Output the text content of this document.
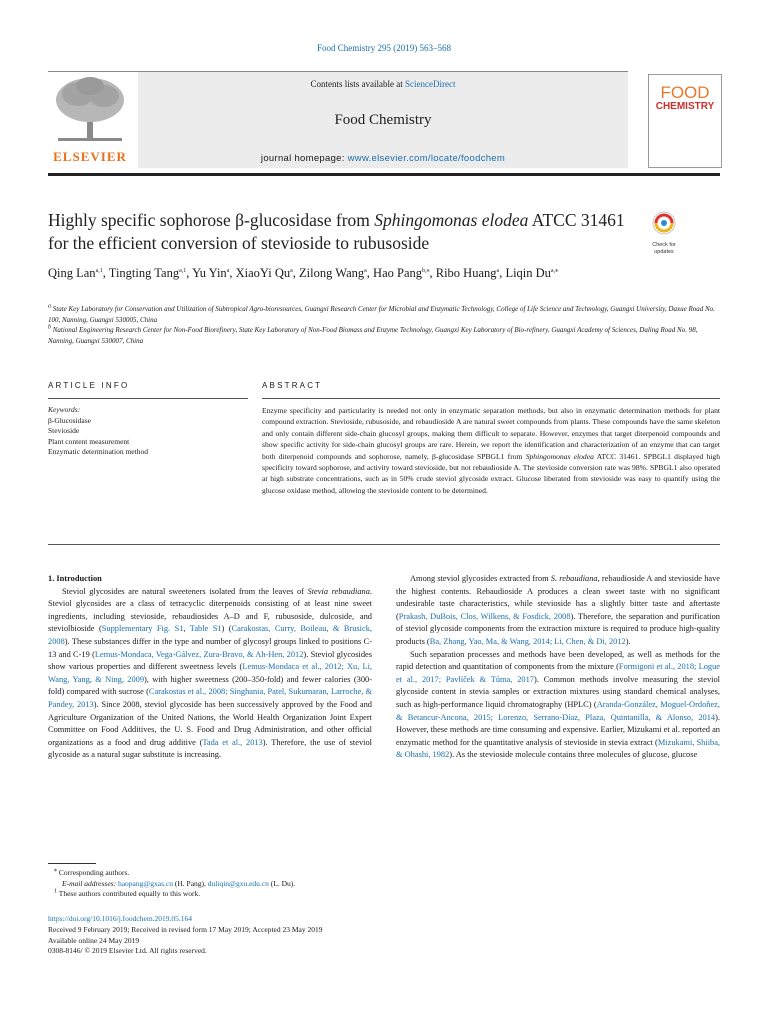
Food Chemistry 295 (2019) 563–568
ELSEVIER
Contents lists available at ScienceDirect
Food Chemistry
journal homepage: www.elsevier.com/locate/foodchem
FOOD
CHEMISTRY
Highly specific sophorose β-glucosidase from Sphingomonas elodea ATCC 31461 for the efficient conversion of stevioside to rubusoside	Check for updates
Qing Lan$^{a,1}$, Tingting Tang$^{a,1}$, Yu Yin$^a$, XiaoYi Qu$^a$, Zilong Wang$^a$, Hao Pang$^{b,⁎}$, Ribo Huang$^a$, Liqin $Du^{a,⁎}$
$^a$ State Key Laboratory for Conservation and Utilization of Subtropical Agro-bioresources, Guangxi Research Center for Microbial and Enzymatic Technology, College of Life Science and Technology, Guangxi University, Daxue Road No. 100, Nanning, Guangxi 530005, China
$^b$ National Engineering Research Center for Non-Food Biorefinery, State Key Laboratory of Non-Food Biomass and Enzyme Technology, Guangxi Key Laboratory of Bio-refinery, Guangxi Academy of Sciences, Daling Road No. 98, Nanning, Guangxi 530007, China
ARTICLE INFO	ABSTRACT
Keywords:
β-Glucosidase
Stevioside
Plant content measurement
Enzymatic determination method
Enzyme specificity and particularity is needed not only in enzymatic separation methods, but also in enzymatic determination methods for plant compound extraction. Stevioside, rubusoside, and rebaudioside A are natural sweet compounds from plants. These compounds have the same skeleton and only contain different side-chain glucosyl groups, making them difficult to separate. However, enzymes that target diterpenoid compounds and show specific activity for side-chain glucosyl groups are rare. Herein, we report the identification and characterization of an enzyme that can target both diterpenoid compounds and sophorose, namely, β-glucosidase SPBGL1 from Sphingomonas elodea ATCC 31461. SPBGL1 displayed high specificity toward sophorose, and activity toward stevioside, but not rebaudioside A. The stevioside conversion rate was 98%. SPBGL1 also operated at high substrate concentrations, such as in 50% crude steviol glycoside extract. Glucose liberated from stevioside was easy to quantify using the glucose oxidase method, allowing the stevioside content to be determined.

1. Introduction

Steviol glycosides are natural sweeteners isolated from the leaves of Stevia rebaudiana. Steviol glycosides are a class of tetracyclic diterpenoids consisting of at least nine sweet ingredients, including stevioside, rebaudiosides A–D and F, rubusoside, dulcoside, and steviolbioside (Supplementary Fig. S1, Table S1) (Carakostas, Curry, Boileau, & Brusick, 2008). These substances differ in the type and number of glycosyl groups linked to positions C-13 and C-19 (Lemus-Mondaca, Vega-Gálvez, Zura-Bravo, & Ah-Hen, 2012). Steviol glycosides show various properties and different sweetness levels (Lemus-Mondaca et al., 2012; Xu, Li, Wang, Yang, & Ning, 2009), with higher sweetness (200–350-fold) and fewer calories (300-fold) compared with sucrose (Carakostas et al., 2008; Singhania, Patel, Sukumaran, Larroche, & Pandey, 2013). Since 2008, steviol glycoside has been successively approved by the Food and Agriculture Organization of the United Nations, the World Health Organization Joint Expert Committee on Food Additives, the U. S. Food and Drug Administration, and other official organizations as a food and drug additive (Tada et al., 2013). Therefore, the use of steviol glycoside as a natural sugar substitute is increasing.

Among steviol glycosides extracted from S. rebaudiana, rebaudioside A and stevioside have the highest contents. Rebaudioside A produces a clean sweet taste with no significant undesirable taste characteristics, while stevioside has a slightly bitter taste and aftertaste (Prakash, DuBois, Clos, Wilkens, & Fosdick, 2008). Therefore, the separation and purification of steviol glycoside components from the extraction mixture is required to produce high-quality products (Ba, Zhang, Yao, Ma, & Wang, 2014; Li, Chen, & Di, 2012).

Such separation processes and methods have been developed, as well as methods for the rapid detection and quantitation of components from the mixture (Formigoni et al., 2018; Logue et al., 2017; Pavlíček & Tůma, 2017). Common methods involve measuring the steviol glycoside content in stevia samples or extraction mixtures using standard chemical analyses, such as high-performance liquid chromatography (HPLC) (Aranda-González, Moguel-Ordoñez, & Betancur-Ancona, 2015; Lorenzo, Serrano-Díaz, Plaza, Quintanilla, & Alonso, 2014). However, these methods are time consuming and expensive. Earlier, Mizukami et al. reported an enzymatic method for the quantitative analysis of stevioside in stevia extract (Mizukami, Shiiba, & Ohashi, 1982). As the stevioside molecule contains three molecules of glucose, glucose

⁎ Corresponding authors.
E-mail addresses: haopang@gxas.cn (H. Pang), duliqin@gxu.edu.cn (L. Du).
$^1$ These authors contributed equally to this work.
https://doi.org/10.1016/j.foodchem.2019.05.164
Received 9 February 2019; Received in revised form 17 May 2019; Accepted 23 May 2019
Available online 24 May 2019
0308-8146/ © 2019 Elsevier Ltd. All rights reserved.
